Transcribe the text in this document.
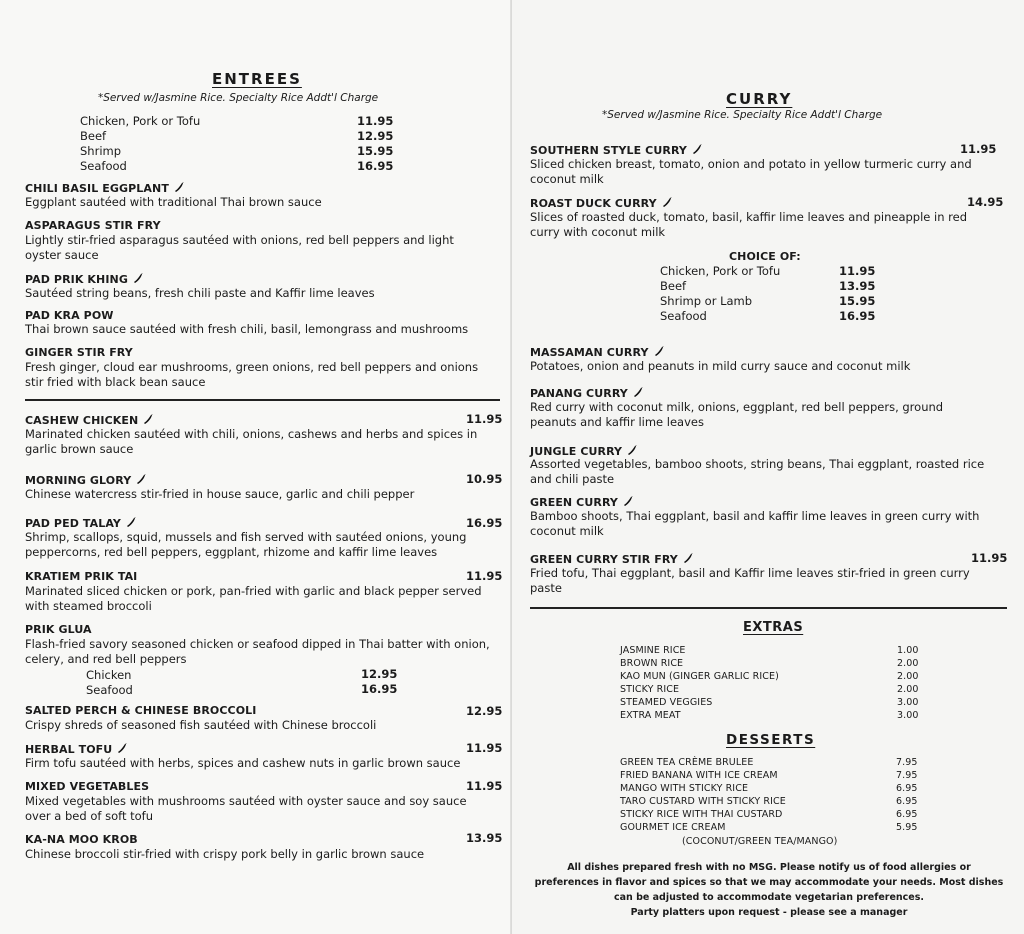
ENTREES
*Served w/Jasmine Rice. Specialty Rice Addt'l Charge
Chicken, Pork or Tofu	11.95
Beef	12.95
Shrimp	15.95
Seafood	16.95
CHILI BASIL EGGPLANT
Eggplant sautéed with traditional Thai brown sauce
ASPARAGUS STIR FRY
Lightly stir-fried asparagus sautéed with onions, red bell peppers and light oyster sauce
PAD PRIK KHING
Sautéed string beans, fresh chili paste and Kaffir lime leaves
PAD KRA POW
Thai brown sauce sautéed with fresh chili, basil, lemongrass and mushrooms
GINGER STIR FRY
Fresh ginger, cloud ear mushrooms, green onions, red bell peppers and onions stir fried with black bean sauce
CASHEW CHICKEN	11.95
Marinated chicken sautéed with chili, onions, cashews and herbs and spices in garlic brown sauce
MORNING GLORY	10.95
Chinese watercress stir-fried in house sauce, garlic and chili pepper
PAD PED TALAY	16.95
Shrimp, scallops, squid, mussels and fish served with sautéed onions, young peppercorns, red bell peppers, eggplant, rhizome and kaffir lime leaves
KRATIEM PRIK TAI	11.95
Marinated sliced chicken or pork, pan-fried with garlic and black pepper served with steamed broccoli
PRIK GLUA
Flash-fried savory seasoned chicken or seafood dipped in Thai batter with onion, celery, and red bell peppers
Chicken	12.95
Seafood	16.95
SALTED PERCH & CHINESE BROCCOLI	12.95
Crispy shreds of seasoned fish sautéed with Chinese broccoli
HERBAL TOFU	11.95
Firm tofu sautéed with herbs, spices and cashew nuts in garlic brown sauce
MIXED VEGETABLES	11.95
Mixed vegetables with mushrooms sautéed with oyster sauce and soy sauce over a bed of soft tofu
KA-NA MOO KROB	13.95
Chinese broccoli stir-fried with crispy pork belly in garlic brown sauce
CURRY
*Served w/Jasmine Rice. Specialty Rice Addt'l Charge
SOUTHERN STYLE CURRY	11.95
Sliced chicken breast, tomato, onion and potato in yellow turmeric curry and coconut milk
ROAST DUCK CURRY	14.95
Slices of roasted duck, tomato, basil, kaffir lime leaves and pineapple in red curry with coconut milk
CHOICE OF:
Chicken, Pork or Tofu	11.95
Beef	13.95
Shrimp or Lamb	15.95
Seafood	16.95
MASSAMAN CURRY
Potatoes, onion and peanuts in mild curry sauce and coconut milk
PANANG CURRY
Red curry with coconut milk, onions, eggplant, red bell peppers, ground peanuts and kaffir lime leaves
JUNGLE CURRY
Assorted vegetables, bamboo shoots, string beans, Thai eggplant, roasted rice and chili paste
GREEN CURRY
Bamboo shoots, Thai eggplant, basil and kaffir lime leaves in green curry with coconut milk
GREEN CURRY STIR FRY	11.95
Fried tofu, Thai eggplant, basil and Kaffir lime leaves stir-fried in green curry paste
EXTRAS
JASMINE RICE	1.00
BROWN RICE	2.00
KAO MUN (GINGER GARLIC RICE)	2.00
STICKY RICE	2.00
STEAMED VEGGIES	3.00
EXTRA MEAT	3.00
DESSERTS
GREEN TEA CRÈME BRULEE	7.95
FRIED BANANA WITH ICE CREAM	7.95
MANGO WITH STICKY RICE	6.95
TARO CUSTARD WITH STICKY RICE	6.95
STICKY RICE WITH THAI CUSTARD	6.95
GOURMET ICE CREAM	5.95
(COCONUT/GREEN TEA/MANGO)
All dishes prepared fresh with no MSG. Please notify us of food allergies or preferences in flavor and spices so that we may accommodate your needs. Most dishes can be adjusted to accommodate vegetarian preferences.
Party platters upon request - please see a manager
